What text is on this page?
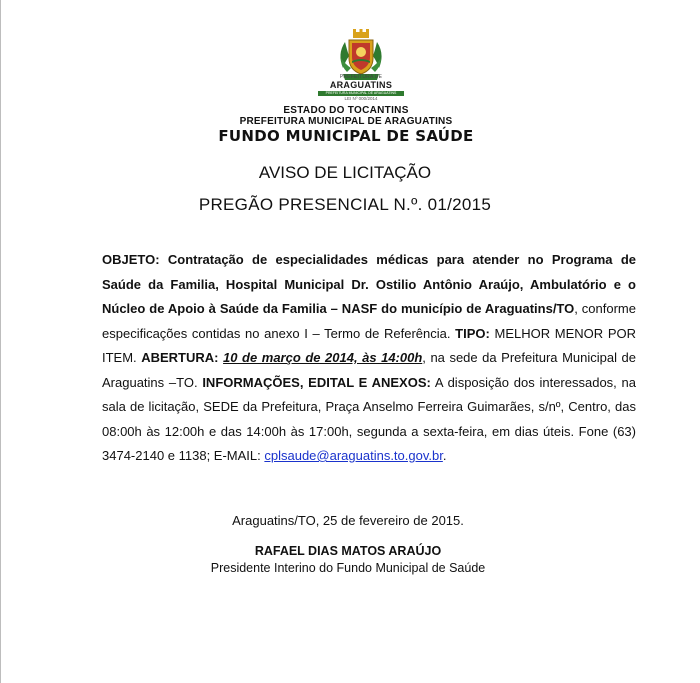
PREFEITURA DE
ARAGUATINS
PREFEITURA MUNICIPAL DE ARAGUATINS
LEI Nº 000/2014
ESTADO DO TOCANTINS
PREFEITURA MUNICIPAL DE ARAGUATINS
FUNDO MUNICIPAL DE SAÚDE
AVISO DE LICITAÇÃO
PREGÃO PRESENCIAL N.º. 01/2015
OBJETO: Contratação de especialidades médicas para atender no Programa de Saúde da Familia, Hospital Municipal Dr. Ostilio Antônio Araújo, Ambulatório e o Núcleo de Apoio à Saúde da Familia – NASF do município de Araguatins/TO, conforme especificações contidas no anexo I – Termo de Referência. TIPO: MELHOR MENOR POR ITEM. ABERTURA: 10 de março de 2014, às 14:00h, na sede da Prefeitura Municipal de Araguatins –TO. INFORMAÇÕES, EDITAL E ANEXOS: A disposição dos interessados, na sala de licitação, SEDE da Prefeitura, Praça Anselmo Ferreira Guimarães, s/nº, Centro, das 08:00h às 12:00h e das 14:00h às 17:00h, segunda a sexta-feira, em dias úteis. Fone (63) 3474-2140 e 1138; E-MAIL: cplsaude@araguatins.to.gov.br.
Araguatins/TO, 25 de fevereiro de 2015.
RAFAEL DIAS MATOS ARAÚJO
Presidente Interino do Fundo Municipal de Saúde
